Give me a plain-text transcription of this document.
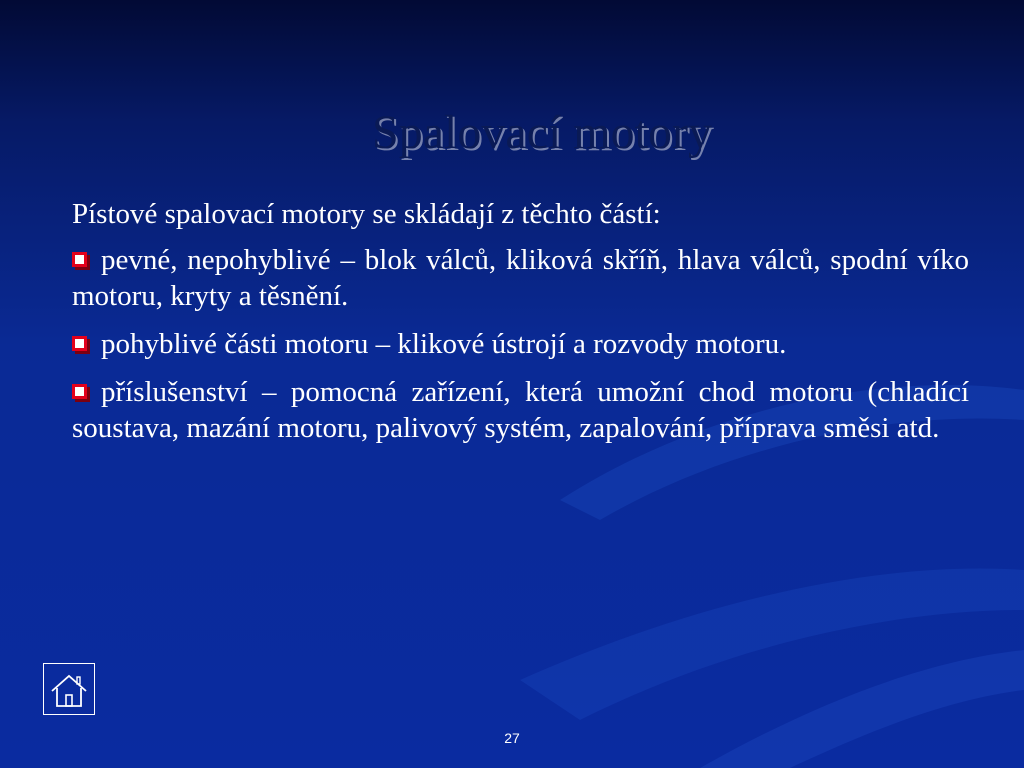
Spalovací motory

Pístové spalovací motory se skládají z těchto částí:

pevné, nepohyblivé – blok válců, kliková skříň, hlava válců, spodní víko motoru, kryty a těsnění.

pohyblivé části motoru – klikové ústrojí a rozvody motoru.

příslušenství – pomocná zařízení, která umožní chod motoru (chladící soustava, mazání motoru, palivový systém, zapalování, příprava směsi atd.

27
